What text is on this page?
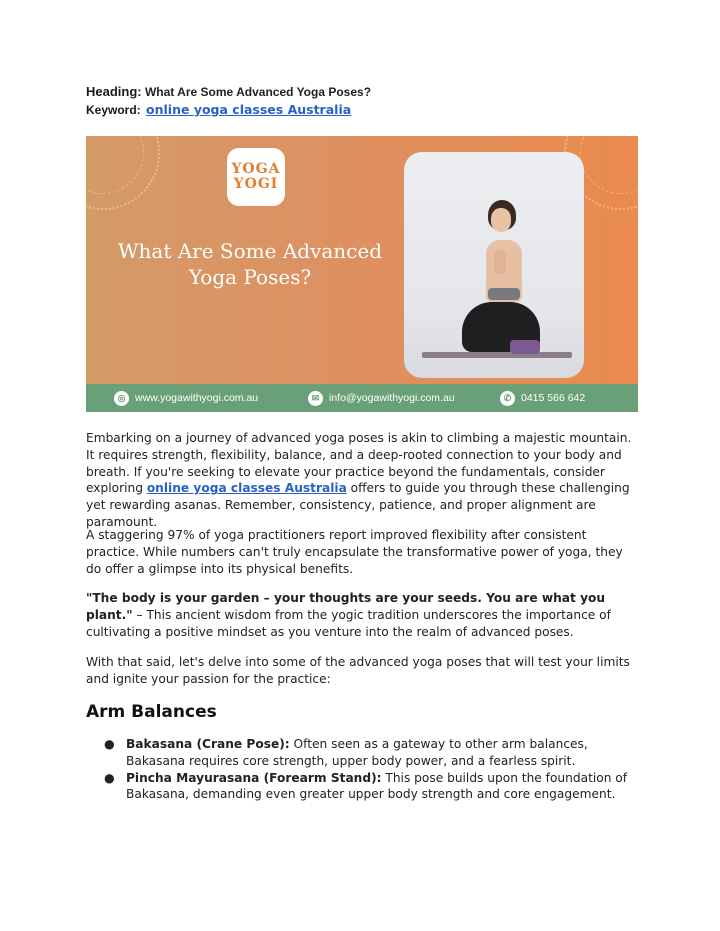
Heading: What Are Some Advanced Yoga Poses?
Keyword: online yoga classes Australia
YOGA
YOGI
What Are Some Advanced Yoga Poses?
◎ www.yogawithyogi.com.au	✉ info@yogawithyogi.com.au	✆ 0415 566 642

Embarking on a journey of advanced yoga poses is akin to climbing a majestic mountain. It requires strength, flexibility, balance, and a deep-rooted connection to your body and breath. If you're seeking to elevate your practice beyond the fundamentals, consider exploring online yoga classes Australia offers to guide you through these challenging yet rewarding asanas. Remember, consistency, patience, and proper alignment are paramount.

A staggering 97% of yoga practitioners report improved flexibility after consistent practice. While numbers can't truly encapsulate the transformative power of yoga, they do offer a glimpse into its physical benefits.

"The body is your garden – your thoughts are your seeds. You are what you plant." – This ancient wisdom from the yogic tradition underscores the importance of cultivating a positive mindset as you venture into the realm of advanced poses.

With that said, let's delve into some of the advanced yoga poses that will test your limits and ignite your passion for the practice:

Arm Balances
● Bakasana (Crane Pose): Often seen as a gateway to other arm balances, Bakasana requires core strength, upper body power, and a fearless spirit.
● Pincha Mayurasana (Forearm Stand): This pose builds upon the foundation of Bakasana, demanding even greater upper body strength and core engagement.
